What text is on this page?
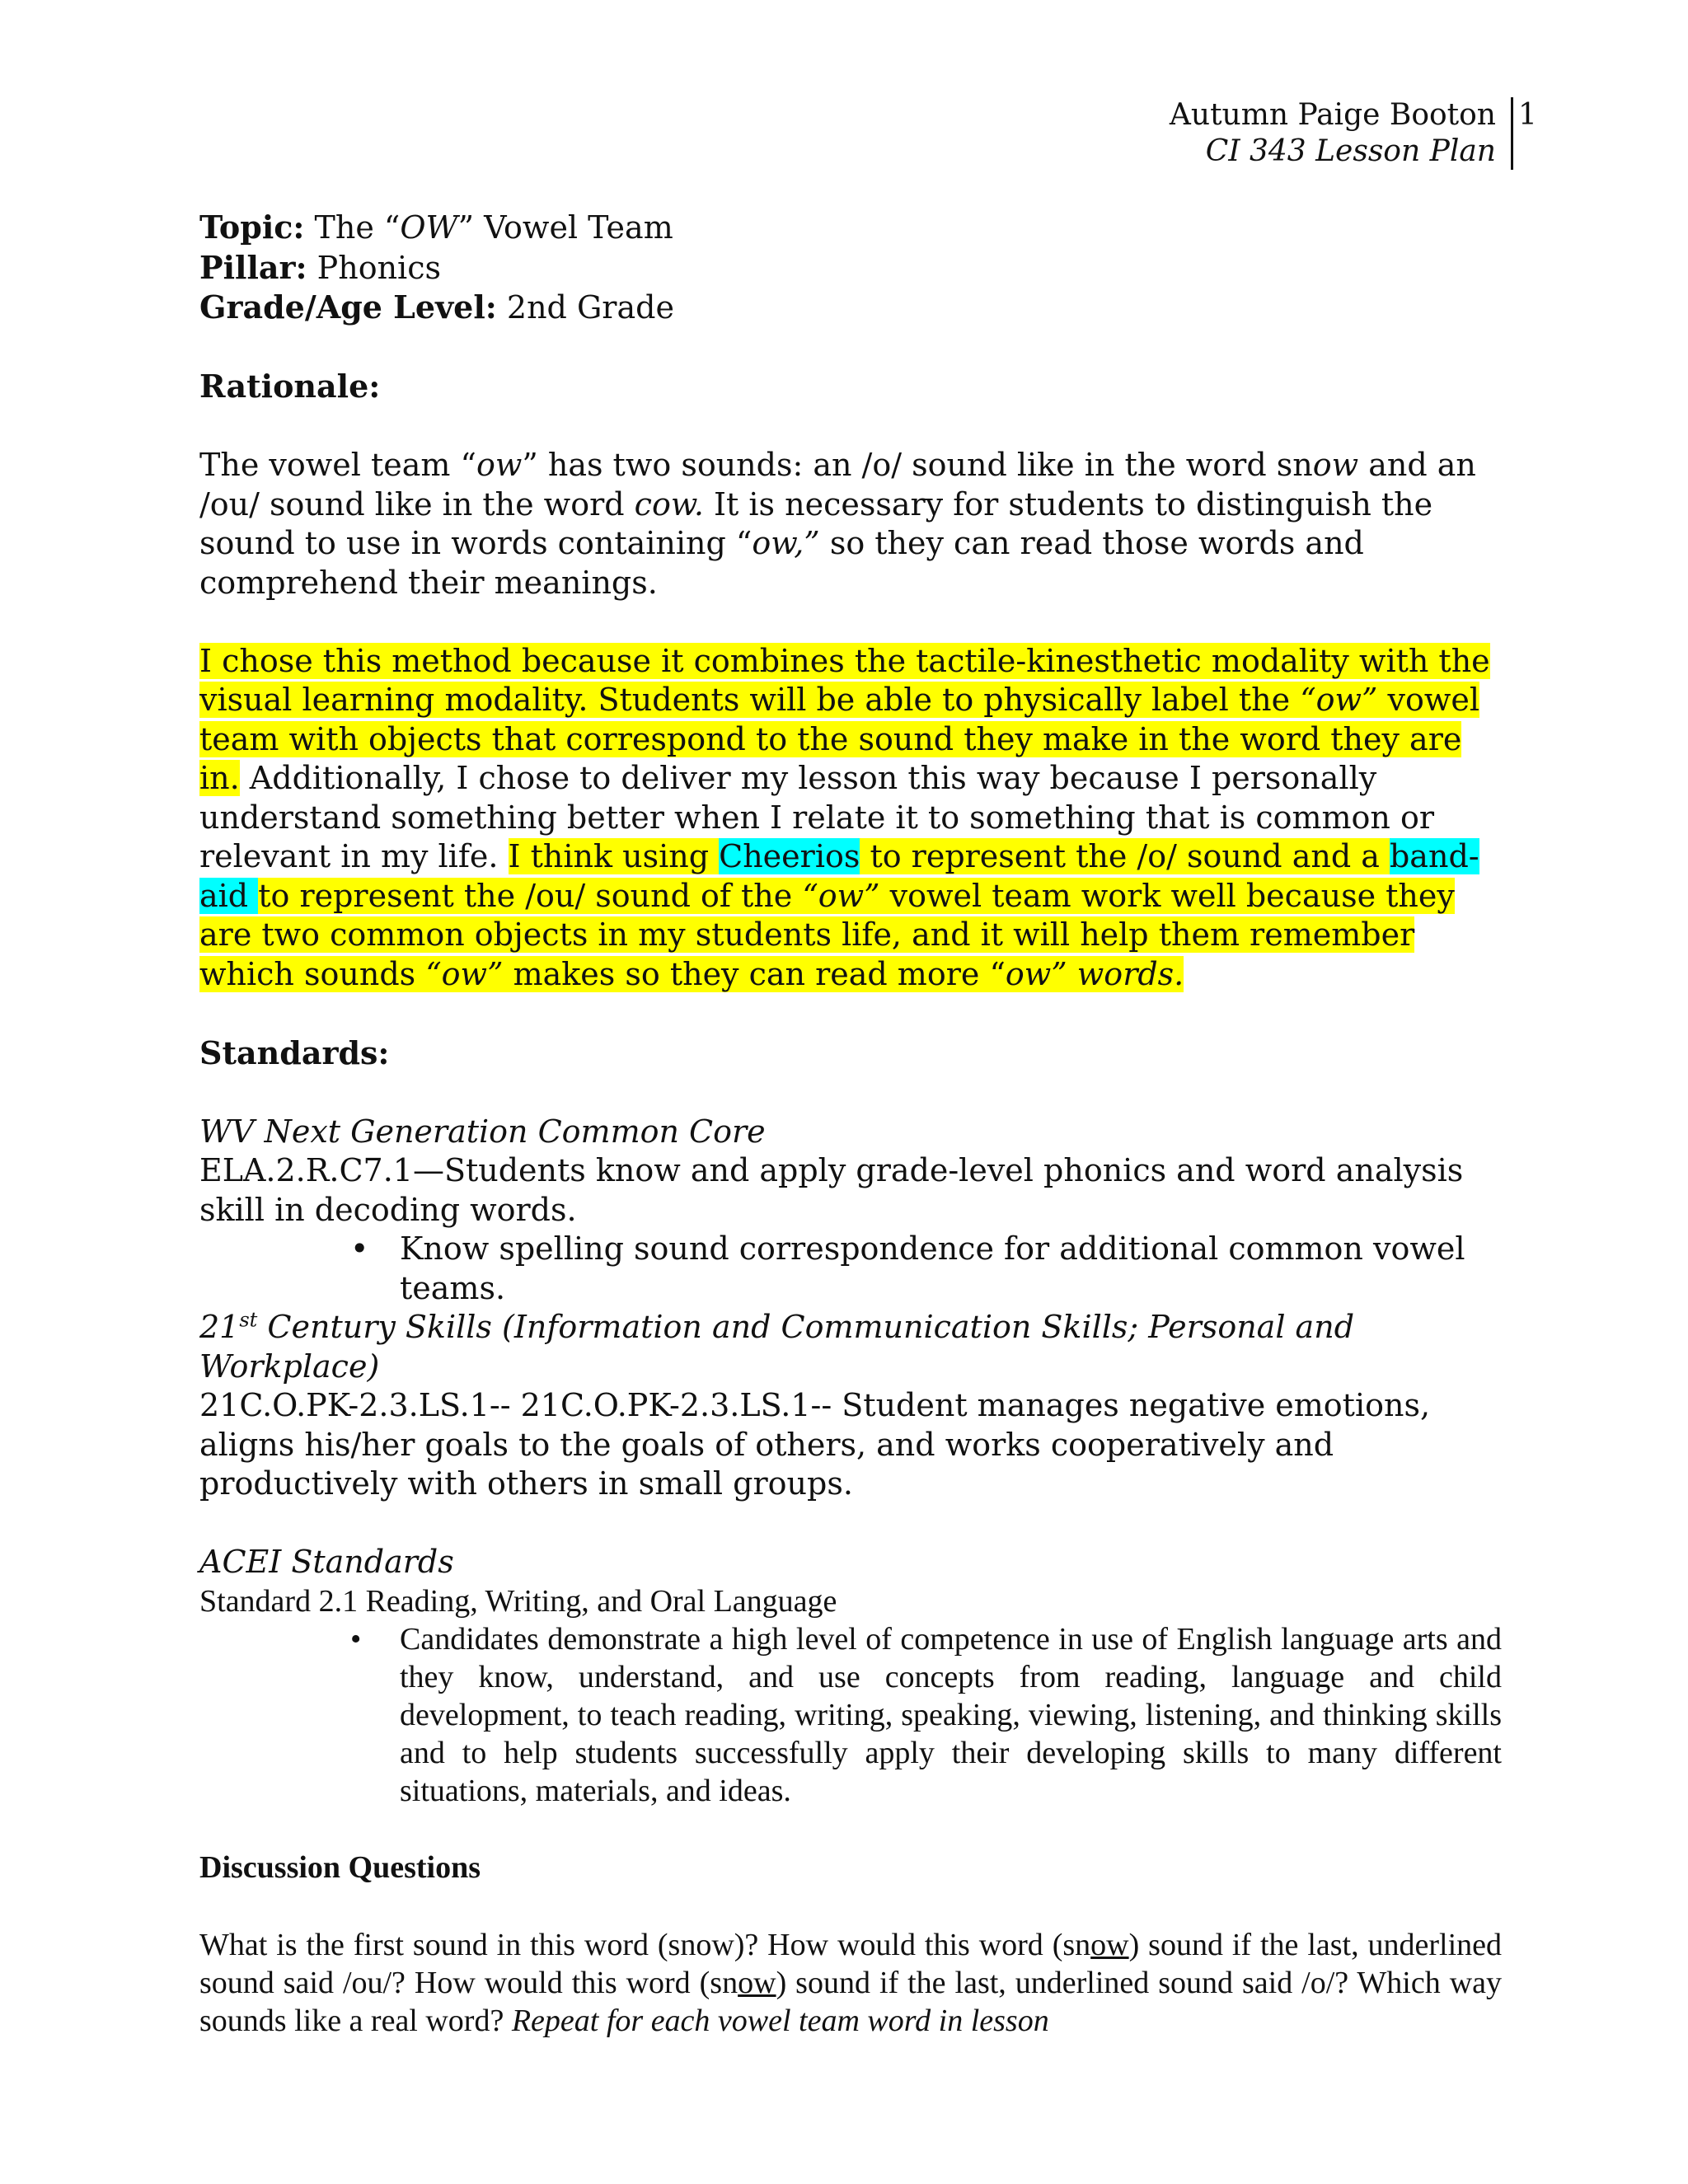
Autumn Paige Booton
CI 343 Lesson Plan
1

Topic: The “OW” Vowel Team

Pillar: Phonics

Grade/Age Level: 2nd Grade

Rationale:

The vowel team “ow” has two sounds: an /o/ sound like in the word snow and an /ou/ sound like in the word cow. It is necessary for students to distinguish the sound to use in words containing “ow,” so they can read those words and comprehend their meanings.

I chose this method because it combines the tactile-kinesthetic modality with the visual learning modality. Students will be able to physically label the “ow” vowel team with objects that correspond to the sound they make in the word they are in. Additionally, I chose to deliver my lesson this way because I personally understand something better when I relate it to something that is common or relevant in my life. I think using Cheerios to represent the /o/ sound and a band-aid to represent the /ou/ sound of the “ow” vowel team work well because they are two common objects in my students life, and it will help them remember which sounds “ow” makes so they can read more “ow” words.

Standards:

WV Next Generation Common Core

ELA.2.R.C7.1—Students know and apply grade-level phonics and word analysis skill in decoding words.

• Know spelling sound correspondence for additional common vowel teams.

21st Century Skills (Information and Communication Skills; Personal and Workplace)

21C.O.PK-2.3.LS.1-- 21C.O.PK-2.3.LS.1-- Student manages negative emotions, aligns his/her goals to the goals of others, and works cooperatively and productively with others in small groups.

ACEI Standards

Standard 2.1 Reading, Writing, and Oral Language

• Candidates demonstrate a high level of competence in use of English language arts and they know, understand, and use concepts from reading, language and child development, to teach reading, writing, speaking, viewing, listening, and thinking skills and to help students successfully apply their developing skills to many different situations, materials, and ideas.

Discussion Questions

What is the first sound in this word (snow)? How would this word (snow) sound if the last, underlined sound said /ou/? How would this word (snow) sound if the last, underlined sound said /o/? Which way sounds like a real word? Repeat for each vowel team word in lesson
